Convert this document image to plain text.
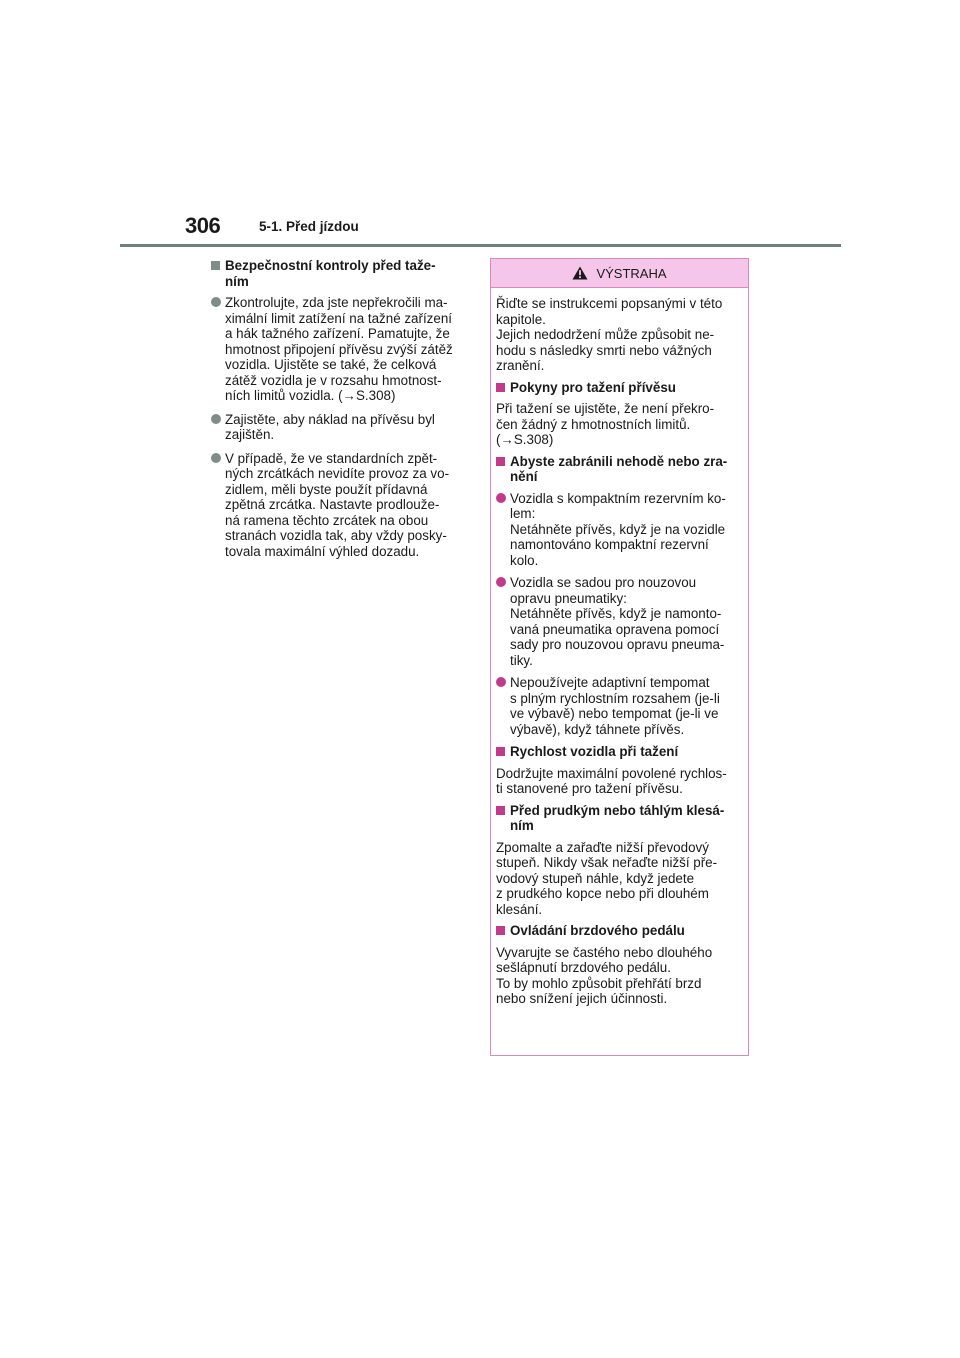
306	5-1. Před jízdou
Bezpečnostní kontroly před taže-
ním
Zkontrolujte, zda jste nepřekročili ma-
ximální limit zatížení na tažné zařízení
a hák tažného zařízení. Pamatujte, že
hmotnost připojení přívěsu zvýší zátěž
vozidla. Ujistěte se také, že celková
zátěž vozidla je v rozsahu hmotnost-
ních limitů vozidla. (→S.308)
Zajistěte, aby náklad na přívěsu byl
zajištěn.
V případě, že ve standardních zpět-
ných zrcátkách nevidíte provoz za vo-
zidlem, měli byste použít přídavná
zpětná zrcátka. Nastavte prodlouže-
ná ramena těchto zrcátek na obou
stranách vozidla tak, aby vždy posky-
tovala maximální výhled dozadu.
VÝSTRAHA
Řiďte se instrukcemi popsanými v této
kapitole.
Jejich nedodržení může způsobit ne-
hodu s následky smrti nebo vážných
zranění.
Pokyny pro tažení přívěsu
Při tažení se ujistěte, že není překro-
čen žádný z hmotnostních limitů.
(→S.308)
Abyste zabránili nehodě nebo zra-
nění
Vozidla s kompaktním rezervním ko-
lem:
Netáhněte přívěs, když je na vozidle
namontováno kompaktní rezervní
kolo.
Vozidla se sadou pro nouzovou
opravu pneumatiky:
Netáhněte přívěs, když je namonto-
vaná pneumatika opravena pomocí
sady pro nouzovou opravu pneuma-
tiky.
Nepoužívejte adaptivní tempomat
s plným rychlostním rozsahem (je-li
ve výbavě) nebo tempomat (je-li ve
výbavě), když táhnete přívěs.
Rychlost vozidla při tažení
Dodržujte maximální povolené rychlos-
ti stanovené pro tažení přívěsu.
Před prudkým nebo táhlým klesá-
ním
Zpomalte a zařaďte nižší převodový
stupeň. Nikdy však neřaďte nižší pře-
vodový stupeň náhle, když jedete
z prudkého kopce nebo při dlouhém
klesání.
Ovládání brzdového pedálu
Vyvarujte se častého nebo dlouhého
sešlápnutí brzdového pedálu.
To by mohlo způsobit přehřátí brzd
nebo snížení jejich účinnosti.
